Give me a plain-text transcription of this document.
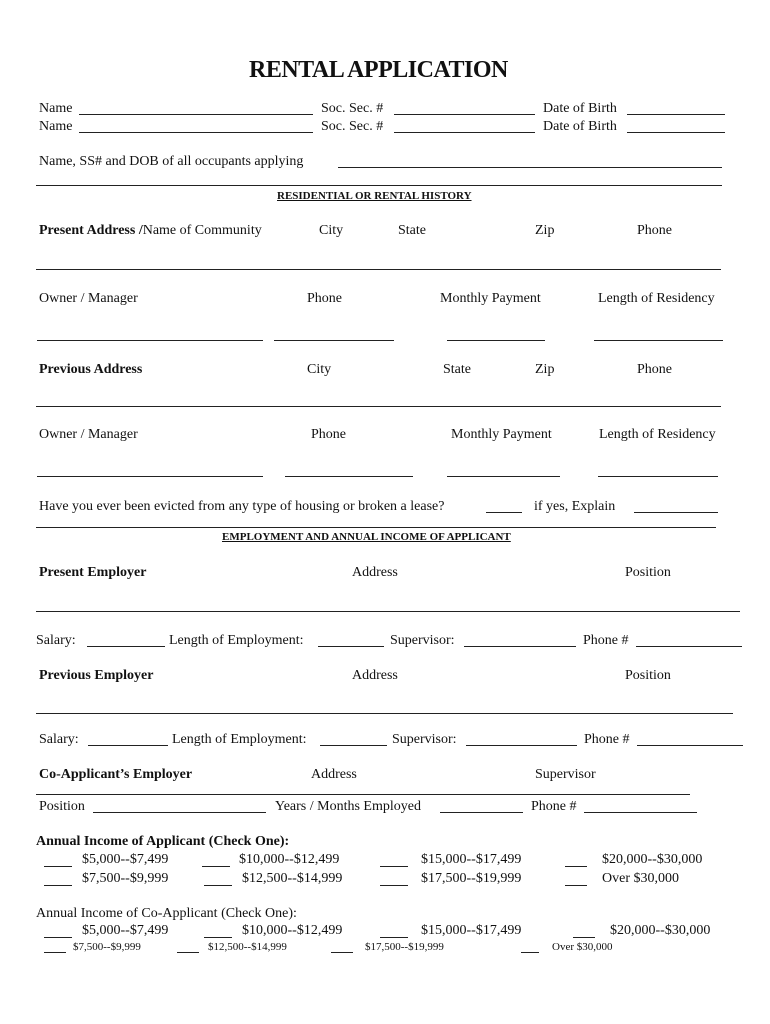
RENTAL APPLICATION
Name	Soc. Sec. #	Date of Birth
Name	Soc. Sec. #	Date of Birth
Name, SS# and DOB of all occupants applying
RESIDENTIAL OR RENTAL HISTORY
Present Address /Name of Community	City	State	Zip	Phone
Owner / Manager	Phone	Monthly Payment	Length of Residency
Previous Address	City	State	Zip	Phone
Owner / Manager	Phone	Monthly Payment	Length of Residency
Have you ever been evicted from any type of housing or broken a lease?	if yes, Explain
EMPLOYMENT AND ANNUAL INCOME OF APPLICANT
Present Employer	Address	Position
Salary:	Length of Employment:	Supervisor:	Phone #
Previous Employer	Address	Position
Salary:	Length of Employment:	Supervisor:	Phone #
Co-Applicant’s Employer	Address	Supervisor
Position	Years / Months Employed	Phone #
Annual Income of Applicant (Check One):
$5,000--$7,499	$10,000--$12,499	$15,000--$17,499	$20,000--$30,000
$7,500--$9,999	$12,500--$14,999	$17,500--$19,999	Over $30,000
Annual Income of Co-Applicant (Check One):
$5,000--$7,499	$10,000--$12,499	$15,000--$17,499	$20,000--$30,000
$7,500--$9,999	$12,500--$14,999	$17,500--$19,999	Over $30,000
